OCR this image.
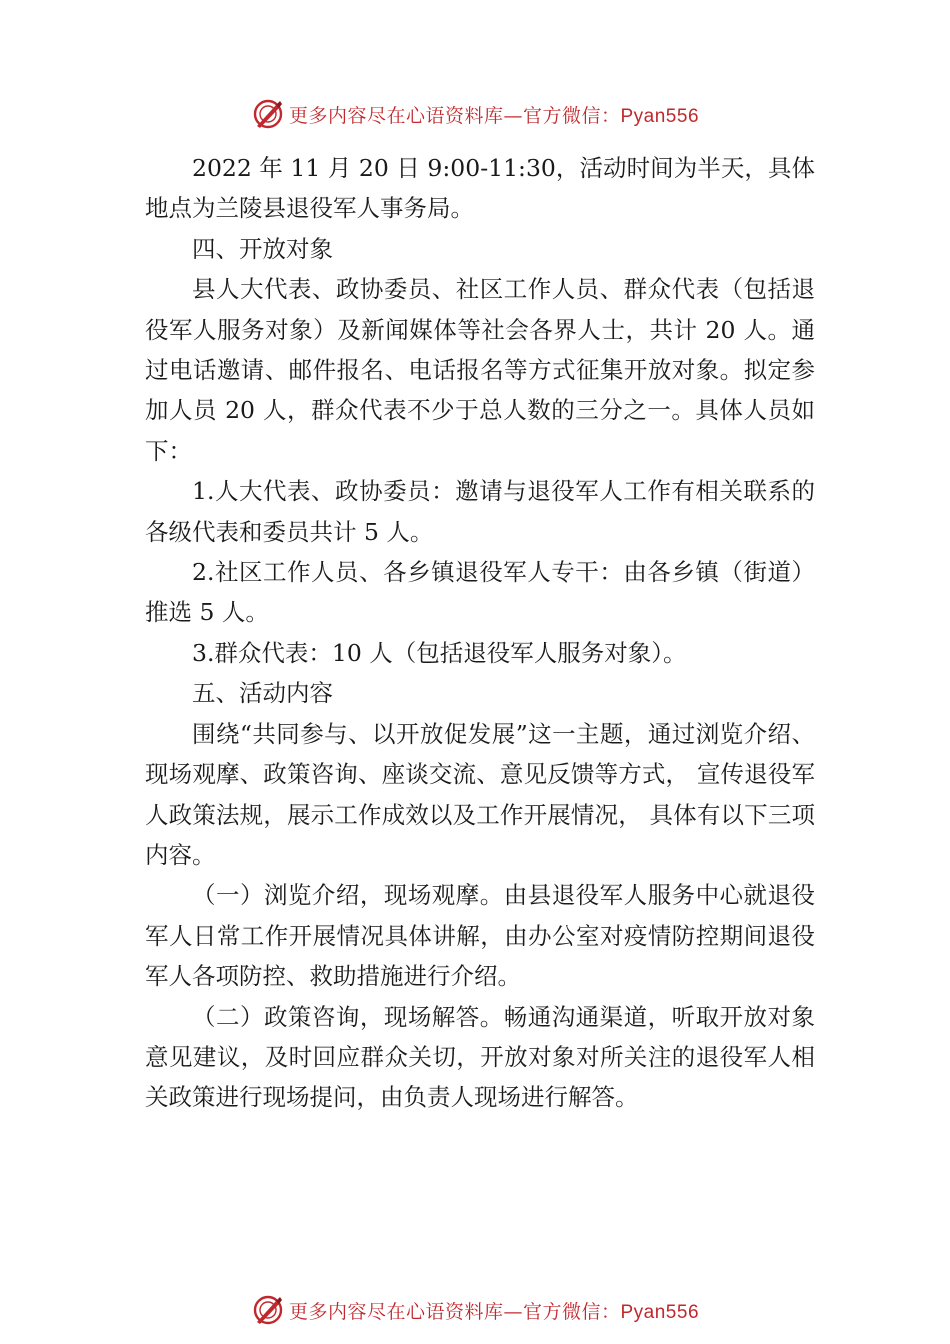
更多内容尽在心语资料库—官方微信：Pyan556

2022 年 11 月 20 日 9:00-11:30，活动时间为半天，具体地点为兰陵县退役军人事务局。

四、开放对象

县人大代表、政协委员、社区工作人员、群众代表（包括退役军人服务对象）及新闻媒体等社会各界人士，共计 20 人。通过电话邀请、邮件报名、电话报名等方式征集开放对象。拟定参加人员 20 人，群众代表不少于总人数的三分之一。具体人员如下：

1.人大代表、政协委员：邀请与退役军人工作有相关联系的各级代表和委员共计 5 人。

2.社区工作人员、各乡镇退役军人专干：由各乡镇（街道）推选 5 人。

3.群众代表：10 人（包括退役军人服务对象）。

五、活动内容

围绕“共同参与、以开放促发展”这一主题，通过浏览介绍、现场观摩、政策咨询、座谈交流、意见反馈等方式， 宣传退役军人政策法规，展示工作成效以及工作开展情况， 具体有以下三项内容。

（一）浏览介绍，现场观摩。由县退役军人服务中心就退役军人日常工作开展情况具体讲解，由办公室对疫情防控期间退役军人各项防控、救助措施进行介绍。

（二）政策咨询，现场解答。畅通沟通渠道，听取开放对象意见建议，及时回应群众关切，开放对象对所关注的退役军人相关政策进行现场提问，由负责人现场进行解答。

更多内容尽在心语资料库—官方微信：Pyan556
